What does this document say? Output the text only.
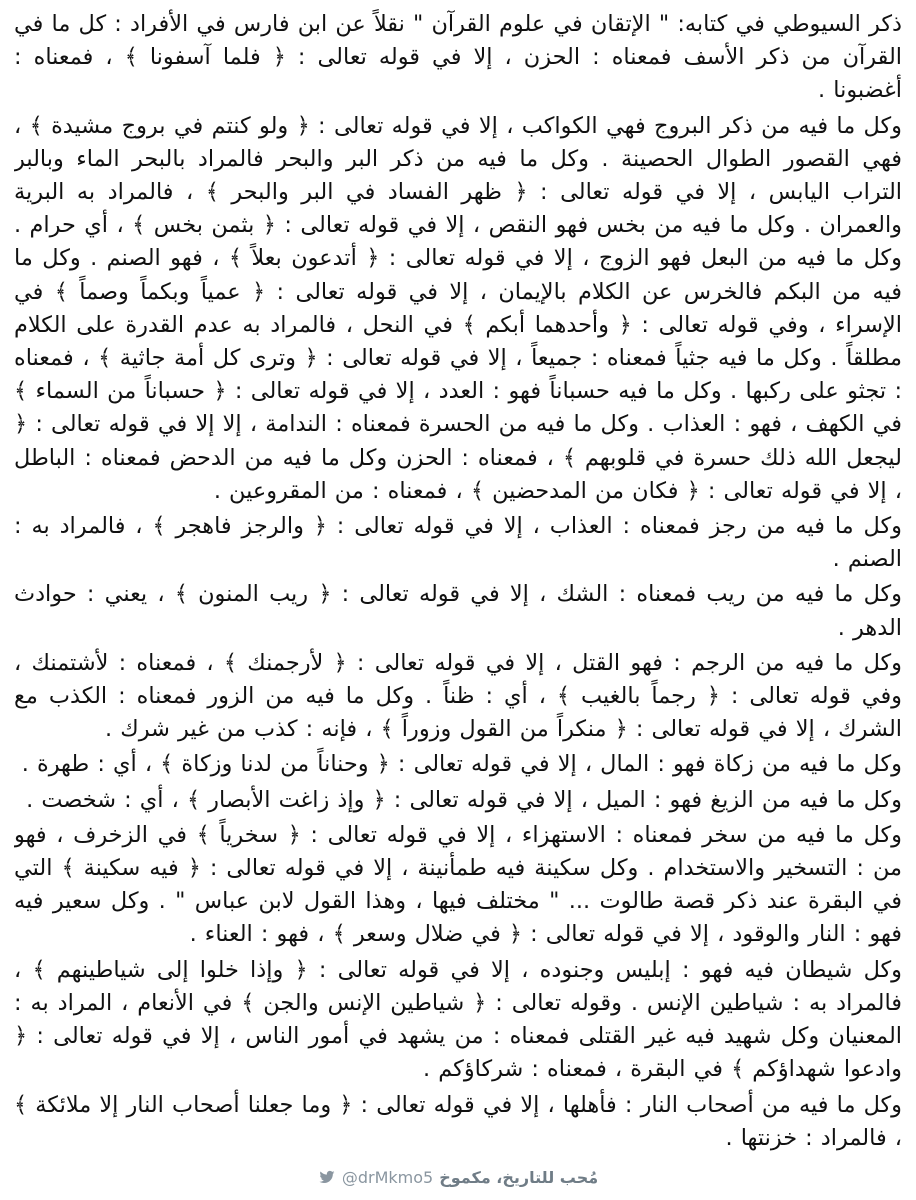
ذكر السيوطي في كتابه: " الإتقان في علوم القرآن " نقلاً عن ابن فارس في الأفراد : كل ما في القرآن من ذكر الأسف فمعناه : الحزن ، إلا في قوله تعالى : ﴿ فلما آسفونا ﴾ ، فمعناه : أغضبونا .

وكل ما فيه من ذكر البروج فهي الكواكب ، إلا في قوله تعالى : ﴿ ولو كنتم في بروج مشيدة ﴾ ، فهي القصور الطوال الحصينة . وكل ما فيه من ذكر البر والبحر فالمراد بالبحر الماء وبالبر التراب اليابس ، إلا في قوله تعالى : ﴿ ظهر الفساد في البر والبحر ﴾ ، فالمراد به البرية والعمران . وكل ما فيه من بخس فهو النقص ، إلا في قوله تعالى : ﴿ بثمن بخس ﴾ ، أي حرام . وكل ما فيه من البعل فهو الزوج ، إلا في قوله تعالى : ﴿ أتدعون بعلاً ﴾ ، فهو الصنم . وكل ما فيه من البكم فالخرس عن الكلام بالإيمان ، إلا في قوله تعالى : ﴿ عمياً وبكماً وصماً ﴾ في الإسراء ، وفي قوله تعالى : ﴿ وأحدهما أبكم ﴾ في النحل ، فالمراد به عدم القدرة على الكلام مطلقاً . وكل ما فيه جثياً فمعناه : جميعاً ، إلا في قوله تعالى : ﴿ وترى كل أمة جاثية ﴾ ، فمعناه : تجثو على ركبها . وكل ما فيه حسباناً فهو : العدد ، إلا في قوله تعالى : ﴿ حسباناً من السماء ﴾ في الكهف ، فهو : العذاب . وكل ما فيه من الحسرة فمعناه : الندامة ، إلا إلا في قوله تعالى : ﴿ ليجعل الله ذلك حسرة في قلوبهم ﴾ ، فمعناه : الحزن وكل ما فيه من الدحض فمعناه : الباطل ، إلا في قوله تعالى : ﴿ فكان من المدحضين ﴾ ، فمعناه : من المقروعين .

وكل ما فيه من رجز فمعناه : العذاب ، إلا في قوله تعالى : ﴿ والرجز فاهجر ﴾ ، فالمراد به : الصنم .

وكل ما فيه من ريب فمعناه : الشك ، إلا في قوله تعالى : ﴿ ريب المنون ﴾ ، يعني : حوادث الدهر .

وكل ما فيه من الرجم : فهو القتل ، إلا في قوله تعالى : ﴿ لأرجمنك ﴾ ، فمعناه : لأشتمنك ، وفي قوله تعالى : ﴿ رجماً بالغيب ﴾ ، أي : ظناً . وكل ما فيه من الزور فمعناه : الكذب مع الشرك ، إلا في قوله تعالى : ﴿ منكراً من القول وزوراً ﴾ ، فإنه : كذب من غير شرك .

وكل ما فيه من زكاة فهو : المال ، إلا في قوله تعالى : ﴿ وحناناً من لدنا وزكاة ﴾ ، أي : طهرة .

وكل ما فيه من الزيغ فهو : الميل ، إلا في قوله تعالى : ﴿ وإذ زاغت الأبصار ﴾ ، أي : شخصت .

وكل ما فيه من سخر فمعناه : الاستهزاء ، إلا في قوله تعالى : ﴿ سخرياً ﴾ في الزخرف ، فهو من : التسخير والاستخدام . وكل سكينة فيه طمأنينة ، إلا في قوله تعالى : ﴿ فيه سكينة ﴾ التي في البقرة عند ذكر قصة طالوت ... " مختلف فيها ، وهذا القول لابن عباس " . وكل سعير فيه فهو : النار والوقود ، إلا في قوله تعالى : ﴿ في ضلال وسعر ﴾ ، فهو : العناء .

وكل شيطان فيه فهو : إبليس وجنوده ، إلا في قوله تعالى : ﴿ وإذا خلوا إلى شياطينهم ﴾ ، فالمراد به : شياطين الإنس . وقوله تعالى : ﴿ شياطين الإنس والجن ﴾ في الأنعام ، المراد به : المعنيان وكل شهيد فيه غير القتلى فمعناه : من يشهد في أمور الناس ، إلا في قوله تعالى : ﴿ وادعوا شهداؤكم ﴾ في البقرة ، فمعناه : شركاؤكم .

وكل ما فيه من أصحاب النار : فأهلها ، إلا في قوله تعالى : ﴿ وما جعلنا أصحاب النار إلا ملائكة ﴾ ، فالمراد : خزنتها .

مُحب للتاريخ، مكموخ
@drMkmo5
